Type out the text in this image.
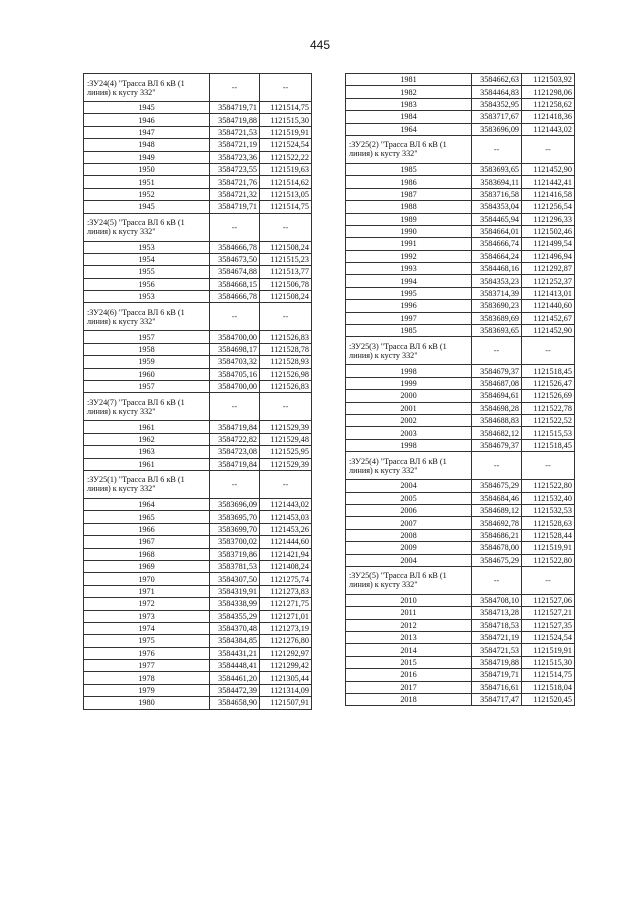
445
:ЗУ24(4) "Трасса ВЛ 6 кВ (1 линия) к кусту 332"	--	--
1945	3584719,71	1121514,75
1946	3584719,88	1121515,30
1947	3584721,53	1121519,91
1948	3584721,19	1121524,54
1949	3584723,36	1121522,22
1950	3584723,55	1121519,63
1951	3584721,76	1121514,62
1952	3584721,32	1121513,05
1945	3584719,71	1121514,75
:ЗУ24(5) "Трасса ВЛ 6 кВ (1 линия) к кусту 332"	--	--
1953	3584666,78	1121508,24
1954	3584673,50	1121515,23
1955	3584674,88	1121513,77
1956	3584668,15	1121506,78
1953	3584666,78	1121508,24
:ЗУ24(6) "Трасса ВЛ 6 кВ (1 линия) к кусту 332"	--	--
1957	3584700,00	1121526,83
1958	3584698,17	1121528,78
1959	3584703,32	1121528,93
1960	3584705,16	1121526,98
1957	3584700,00	1121526,83
:ЗУ24(7) "Трасса ВЛ 6 кВ (1 линия) к кусту 332"	--	--
1961	3584719,84	1121529,39
1962	3584722,82	1121529,48
1963	3584723,08	1121525,95
1961	3584719,84	1121529,39
:ЗУ25(1) "Трасса ВЛ 6 кВ (1 линия) к кусту 332"	--	--
1964	3583696,09	1121443,02
1965	3583695,70	1121453,03
1966	3583699,70	1121453,26
1967	3583700,02	1121444,60
1968	3583719,86	1121421,94
1969	3583781,53	1121408,24
1970	3584307,50	1121275,74
1971	3584319,91	1121273,83
1972	3584338,99	1121271,75
1973	3584355,29	1121271,01
1974	3584370,48	1121273,19
1975	3584384,85	1121276,80
1976	3584431,21	1121292,97
1977	3584448,41	1121299,42
1978	3584461,20	1121305,44
1979	3584472,39	1121314,09
1980	3584658,90	1121507,91
1981	3584662,63	1121503,92
1982	3584464,83	1121298,06
1983	3584352,95	1121258,62
1984	3583717,67	1121418,36
1964	3583696,09	1121443,02
:ЗУ25(2) "Трасса ВЛ 6 кВ (1 линия) к кусту 332"	--	--
1985	3583693,65	1121452,90
1986	3583694,11	1121442,41
1987	3583716,58	1121416,58
1988	3584353,04	1121256,54
1989	3584465,94	1121296,33
1990	3584664,01	1121502,46
1991	3584666,74	1121499,54
1992	3584664,24	1121496,94
1993	3584468,16	1121292,87
1994	3584353,23	1121252,37
1995	3583714,39	1121413,01
1996	3583690,23	1121440,60
1997	3583689,69	1121452,67
1985	3583693,65	1121452,90
:ЗУ25(3) "Трасса ВЛ 6 кВ (1 линия) к кусту 332"	--	--
1998	3584679,37	1121518,45
1999	3584687,08	1121526,47
2000	3584694,61	1121526,69
2001	3584698,28	1121522,78
2002	3584688,83	1121522,52
2003	3584682,12	1121515,53
1998	3584679,37	1121518,45
:ЗУ25(4) "Трасса ВЛ 6 кВ (1 линия) к кусту 332"	--	--
2004	3584675,29	1121522,80
2005	3584684,46	1121532,40
2006	3584689,12	1121532,53
2007	3584692,78	1121528,63
2008	3584686,21	1121528,44
2009	3584678,00	1121519,91
2004	3584675,29	1121522,80
:ЗУ25(5) "Трасса ВЛ 6 кВ (1 линия) к кусту 332"	--	--
2010	3584708,10	1121527,06
2011	3584713,28	1121527,21
2012	3584718,53	1121527,35
2013	3584721,19	1121524,54
2014	3584721,53	1121519,91
2015	3584719,88	1121515,30
2016	3584719,71	1121514,75
2017	3584716,61	1121518,04
2018	3584717,47	1121520,45
